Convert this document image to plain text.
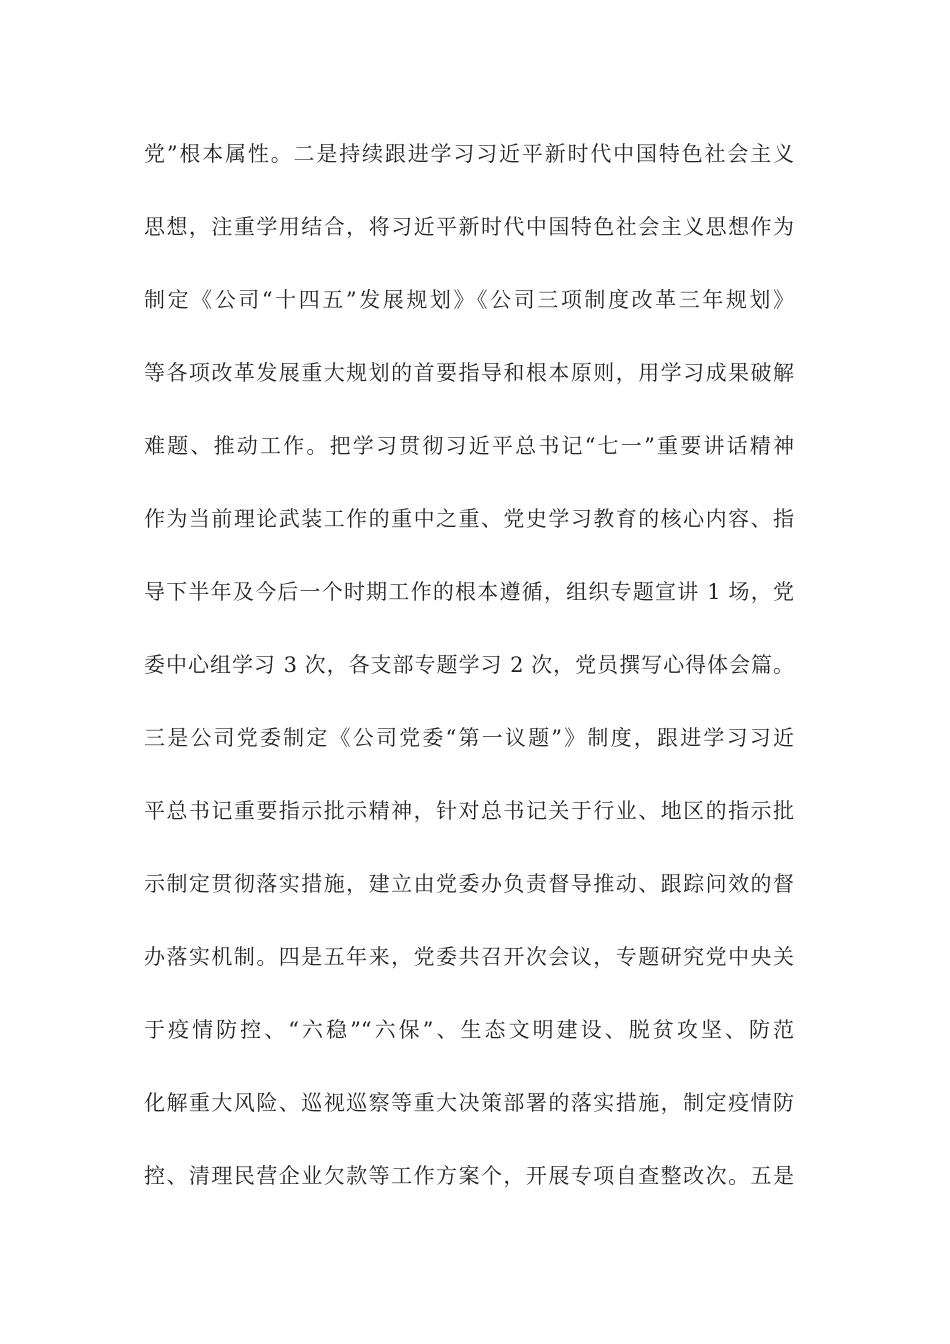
党”根本属性。二是持续跟进学习习近平新时代中国特色社会主义
思想，注重学用结合，将习近平新时代中国特色社会主义思想作为
制定《公司“十四五”发展规划》《公司三项制度改革三年规划》
等各项改革发展重大规划的首要指导和根本原则，用学习成果破解
难题、推动工作。把学习贯彻习近平总书记“七一”重要讲话精神
作为当前理论武装工作的重中之重、党史学习教育的核心内容、指
导下半年及今后一个时期工作的根本遵循，组织专题宣讲 1 场，党
委中心组学习 3 次，各支部专题学习 2 次，党员撰写心得体会篇。
三是公司党委制定《公司党委“第一议题”》制度，跟进学习习近
平总书记重要指示批示精神，针对总书记关于行业、地区的指示批
示制定贯彻落实措施，建立由党委办负责督导推动、跟踪问效的督
办落实机制。四是五年来，党委共召开次会议，专题研究党中央关
于疫情防控、“六稳”“六保”、生态文明建设、脱贫攻坚、防范
化解重大风险、巡视巡察等重大决策部署的落实措施，制定疫情防
控、清理民营企业欠款等工作方案个，开展专项自查整改次。五是
